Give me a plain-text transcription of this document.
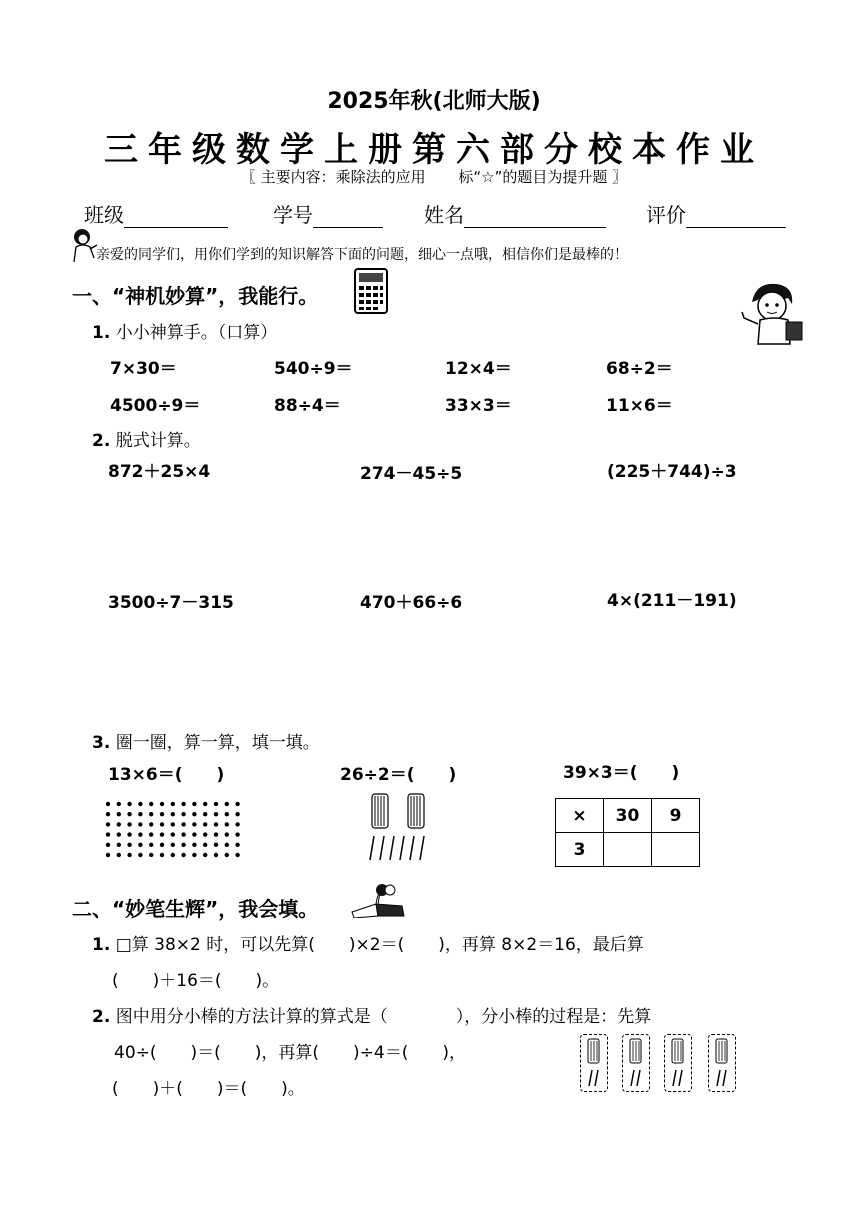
2025年秋(北师大版)
三年级数学上册第六部分校本作业
〖 主要内容：乘除法的应用 标“☆”的题目为提升题 〗
班级	学号	姓名	评价
亲爱的同学们，用你们学到的知识解答下面的问题，细心一点哦，相信你们是最棒的！
一、“神机妙算”，我能行。
1. 小小神算手。（口算）
7×30＝	540÷9＝	12×4＝	68÷2＝
4500÷9＝	88÷4＝	33×3＝	11×6＝
2. 脱式计算。
872＋25×4	274－45÷5	(225＋744)÷3
3500÷7－315	470＋66÷6	4×(211－191)
3. 圈一圈，算一算，填一填。
13×6＝(　　)	26÷2＝(　　)	39×3＝(　　)
×	30	9
3		
二、“妙笔生辉”，我会填。
1. □算 38×2 时，可以先算(　　)×2＝(　　)，再算 8×2＝16，最后算
(　　)＋16＝(　　)。
2. 图中用分小棒的方法计算的算式是（　　　　），分小棒的过程是：先算
40÷(　　)＝(　　)，再算(　　)÷4＝(　　)，
(　　)＋(　　)＝(　　)。
